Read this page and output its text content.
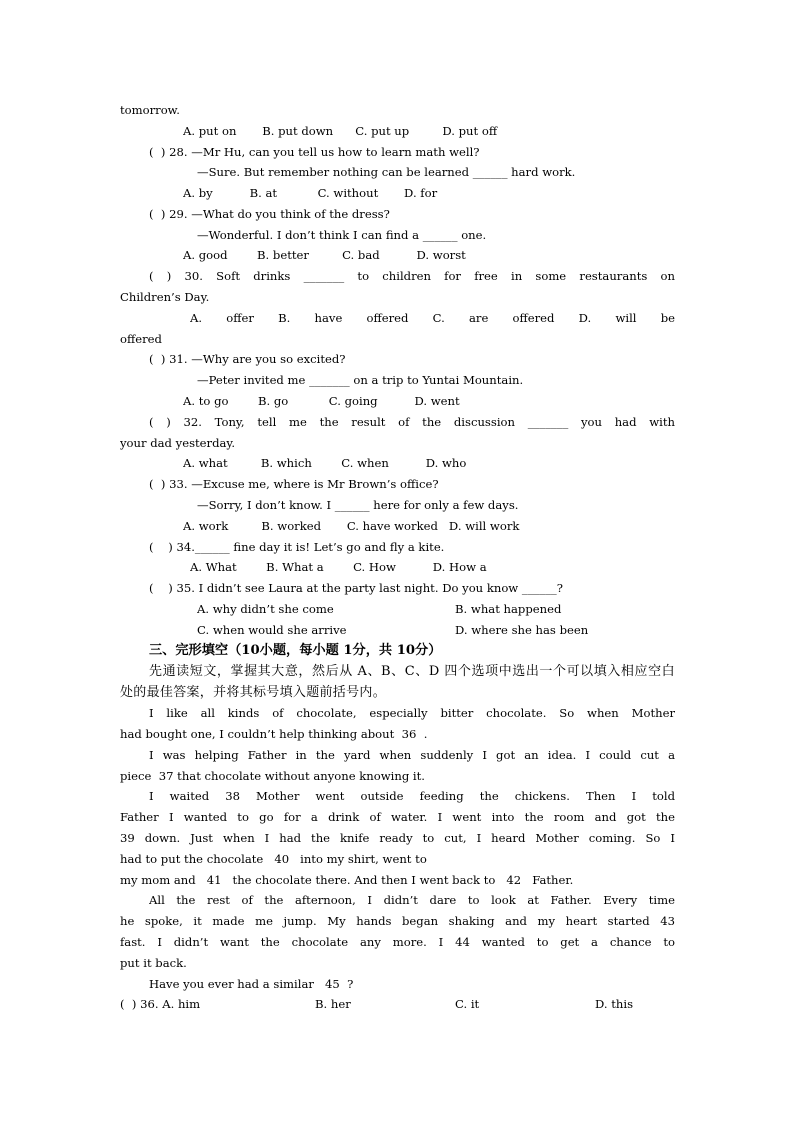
tomorrow.
A. put on       B. put down      C. put up         D. put off
(  ) 28. —Mr Hu, can you tell us how to learn math well?
—Sure. But remember nothing can be learned ______ hard work.
A. by          B. at           C. without       D. for
(  ) 29. —What do you think of the dress?
—Wonderful. I don’t think I can find a ______ one.
A. good        B. better         C. bad          D. worst
( ) 30. Soft drinks _______ to children for free in some restaurants on
Children’s Day.
A. offer B. have offered C. are offered D. will be
offered
(  ) 31. —Why are you so excited?
—Peter invited me _______ on a trip to Yuntai Mountain.
A. to go        B. go           C. going          D. went
( ) 32. Tony, tell me the result of the discussion _______ you had with
your dad yesterday.
A. what         B. which        C. when          D. who
(  ) 33. —Excuse me, where is Mr Brown’s office?
—Sorry, I don’t know. I ______ here for only a few days.
A. work         B. worked       C. have worked   D. will work
(    ) 34.______ fine day it is! Let’s go and fly a kite.
A. What        B. What a        C. How          D. How a
(    ) 35. I didn’t see Laura at the party last night. Do you know ______?

A. why didn’t she come

	B. what happened

C. when would she arrive

	D. where she has been

三、完形填空（10小题，每小题 1分，共 10分）
先通读短文，掌握其大意，然后从 A、B、C、D 四个选项中选出一个可以填入相应空白
处的最佳答案，并将其标号填入题前括号内。
I like all kinds of chocolate, especially bitter chocolate. So when Mother
had bought one, I couldn’t help thinking about  36  .
I was helping Father in the yard when suddenly I got an idea. I could cut a
piece  37 that chocolate without anyone knowing it.
I waited 38 Mother went outside feeding the chickens. Then I told
Father I wanted to go for a drink of water. I went into the room and got the
39 down. Just when I had the knife ready to cut, I heard Mother coming. So I
had to put the chocolate   40   into my shirt, went to
my mom and   41   the chocolate there. And then I went back to   42   Father.
All the rest of the afternoon, I didn’t dare to look at Father. Every time
he spoke, it made me jump. My hands began shaking and my heart started 43
fast. I didn’t want the chocolate any more. I 44 wanted to get a chance to
put it back.
Have you ever had a similar   45  ?

(  ) 36. A. him

	B. her

	C. it

	D. this
